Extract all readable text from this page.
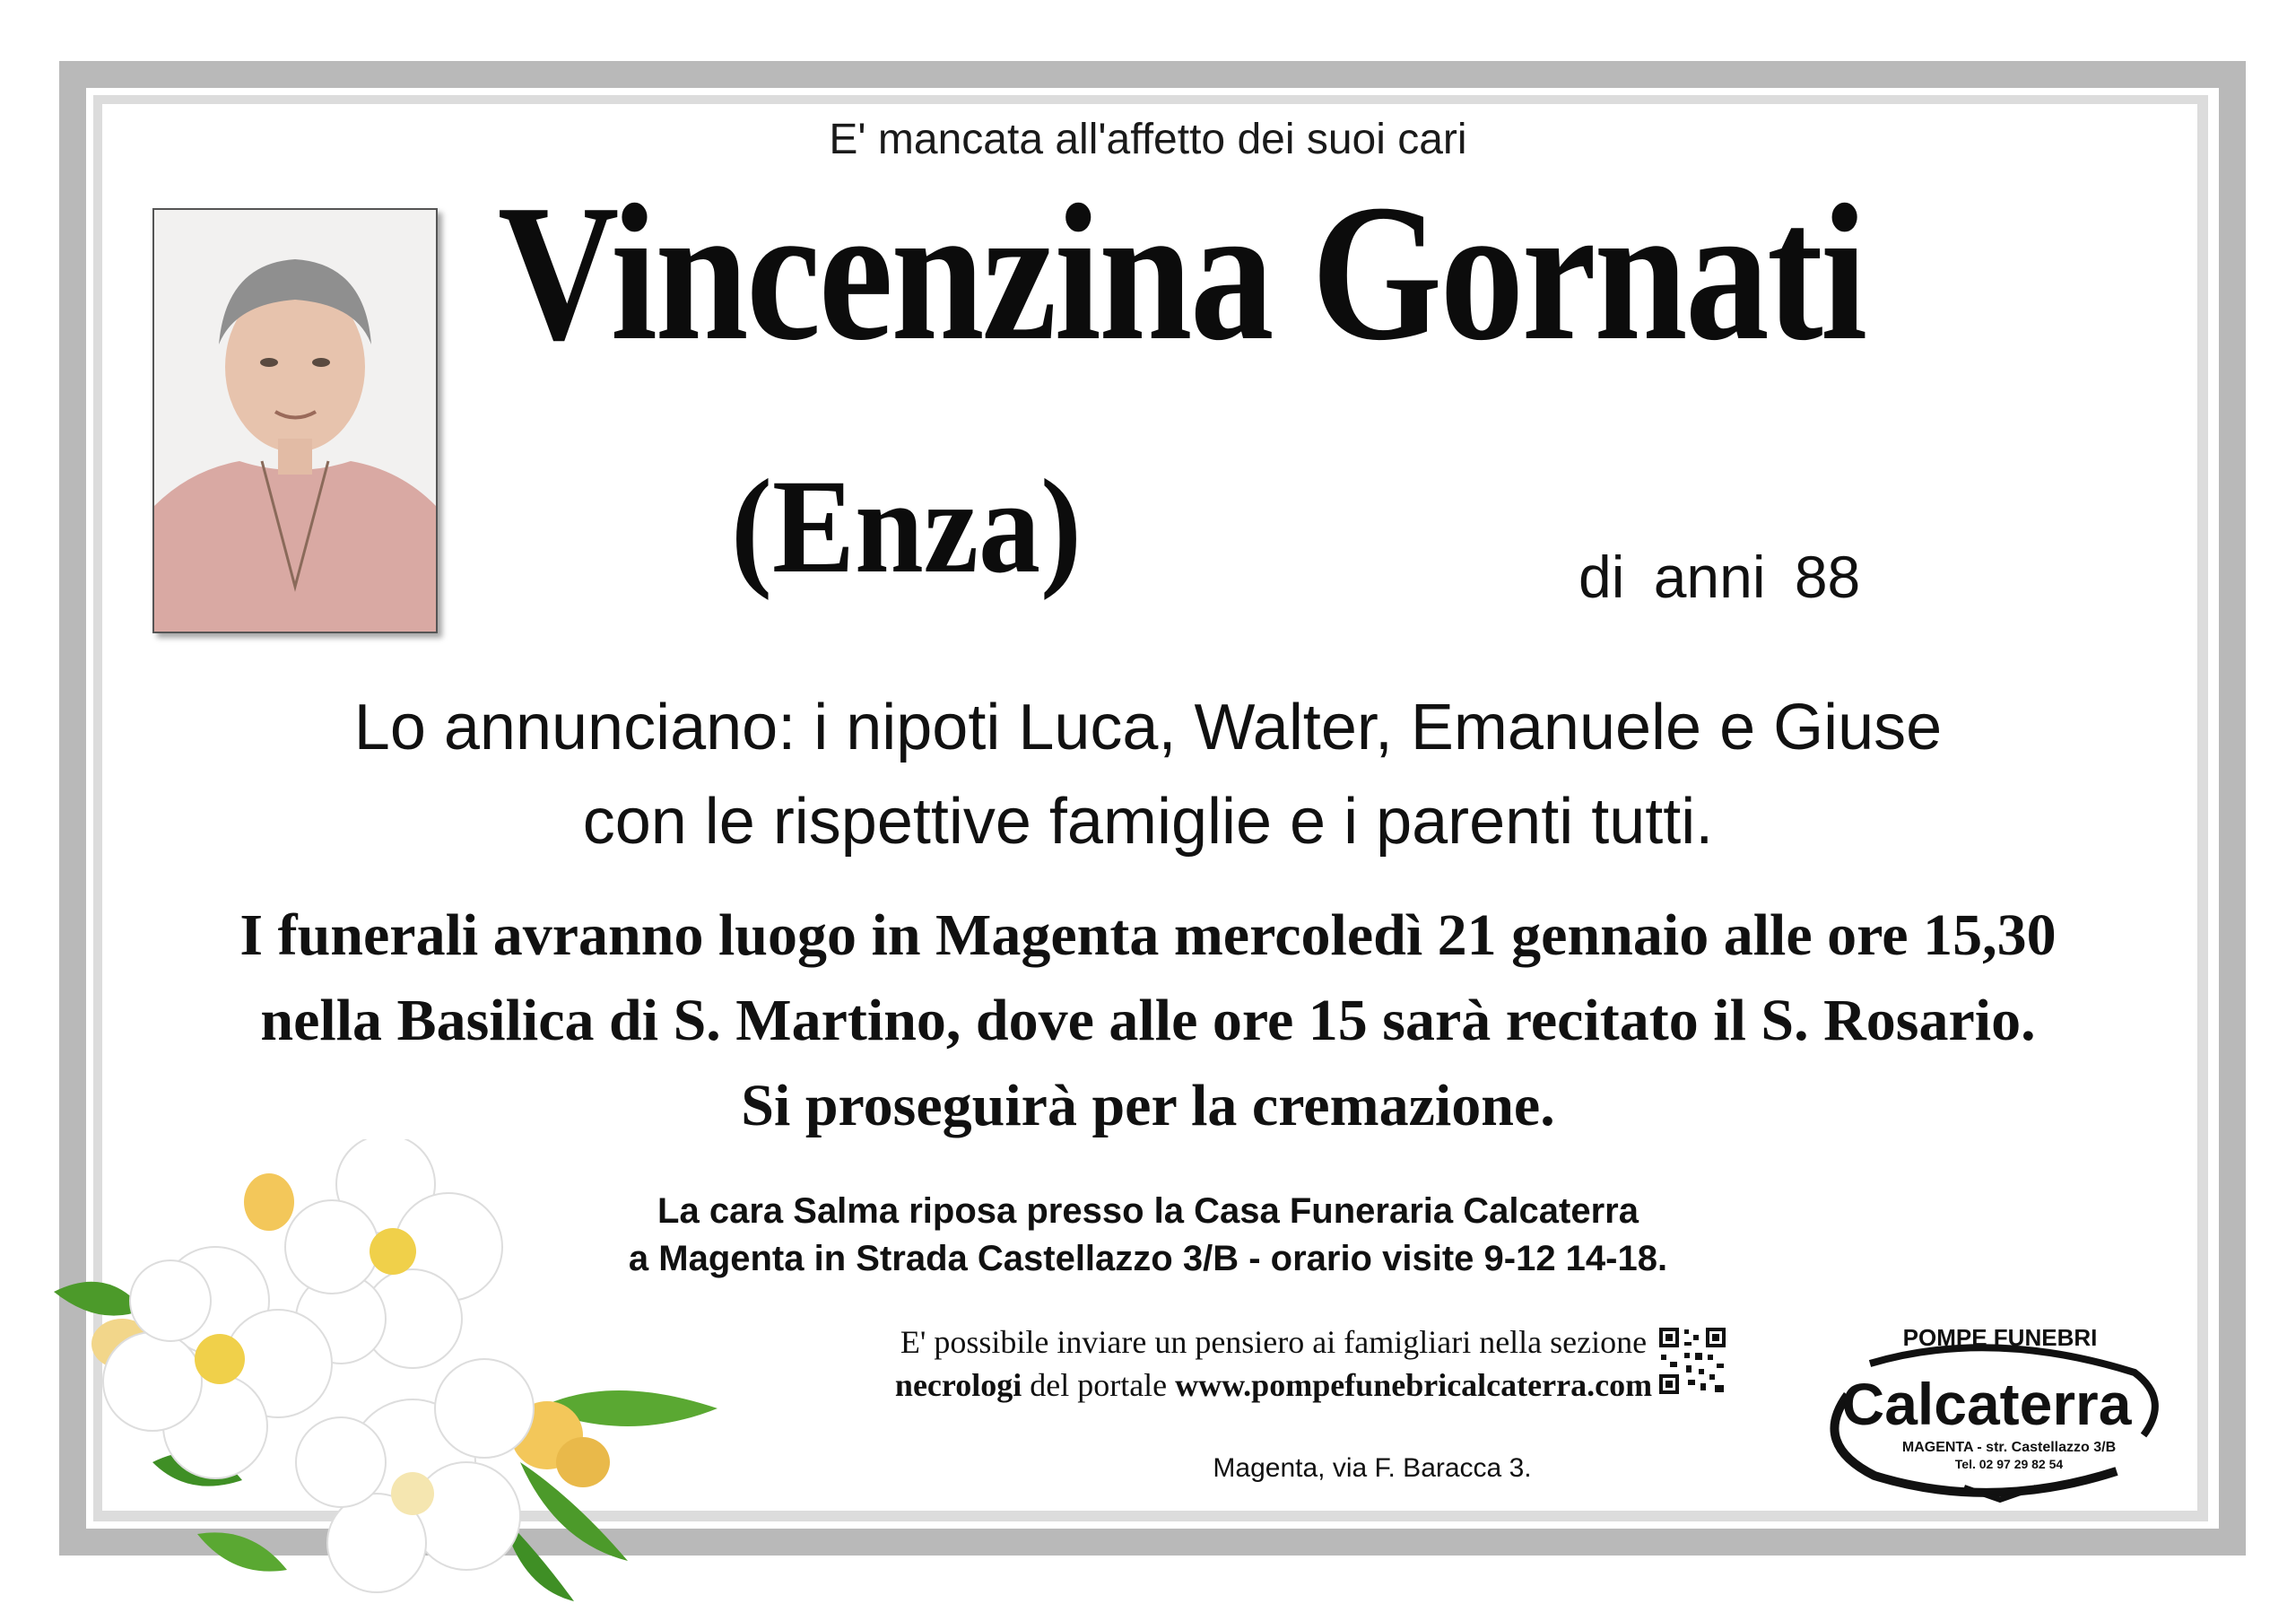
E' mancata all'affetto dei suoi cari
Vincenzina Gornati
(Enza)	di anni 88
Lo annunciano: i nipoti Luca, Walter, Emanuele e Giuse
con le rispettive famiglie e i parenti tutti.
I funerali avranno luogo in Magenta mercoledì 21 gennaio alle ore 15,30
nella Basilica di S. Martino, dove alle ore 15 sarà recitato il S. Rosario.
Si proseguirà per la cremazione.
La cara Salma riposa presso la Casa Funeraria Calcaterra
a Magenta in Strada Castellazzo 3/B - orario visite 9-12 14-18.
E' possibile inviare un pensiero ai famigliari nella sezione
necrologi del portale www.pompefunebricalcaterra.com
Magenta, via F. Baracca 3.
POMPE FUNEBRI
Calcaterra
MAGENTA - str. Castellazzo 3/B
Tel. 02 97 29 82 54
